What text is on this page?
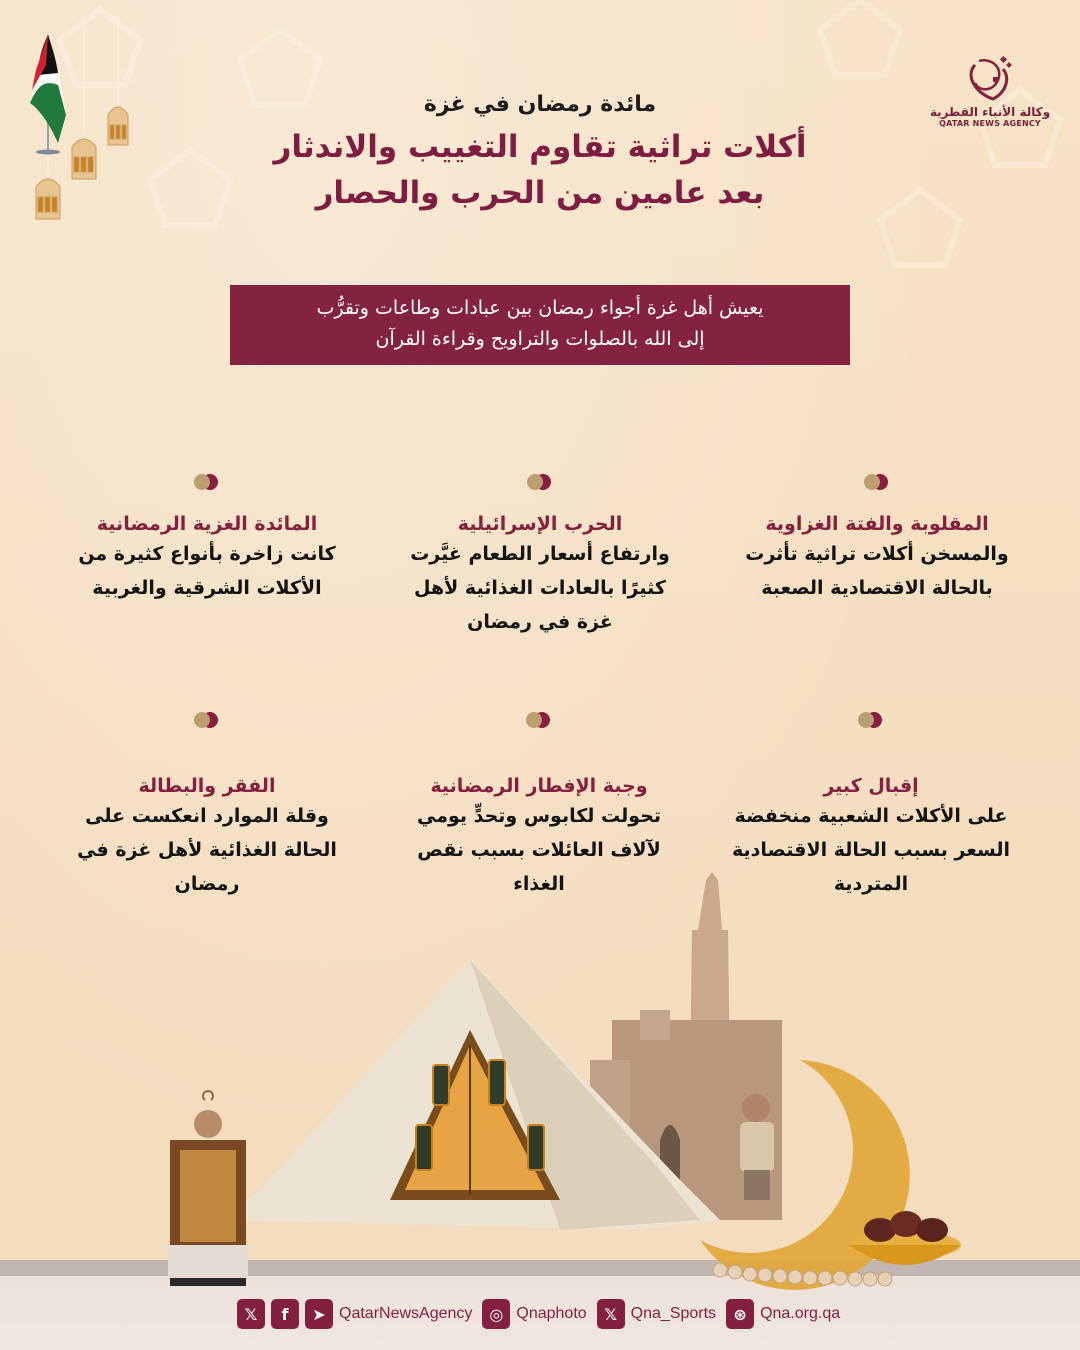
وكالة الأنباء القطرية
QATAR NEWS AGENCY
مائدة رمضان في غزة
أكلات تراثية تقاوم التغييب والاندثار
بعد عامين من الحرب والحصار
يعيش أهل غزة أجواء رمضان بين عبادات وطاعات وتقرُّب
إلى الله بالصلوات والتراويح وقراءة القرآن
المقلوبة والفتة الغزاوية
والمسخن أكلات تراثية تأثرت
بالحالة الاقتصادية الصعبة
الحرب الإسرائيلية
وارتفاع أسعار الطعام غيَّرت
كثيرًا بالعادات الغذائية لأهل
غزة في رمضان
المائدة الغزية الرمضانية
كانت زاخرة بأنواع كثيرة من
الأكلات الشرقية والغربية
إقبال كبير
على الأكلات الشعبية منخفضة
السعر بسبب الحالة الاقتصادية
المتردية
وجبة الإفطار الرمضانية
تحولت لكابوس وتحدٍّ يومي
لآلاف العائلات بسبب نقص
الغذاء
الفقر والبطالة
وقلة الموارد انعكست على
الحالة الغذائية لأهل غزة في
رمضان
𝕏	f	➤ QatarNewsAgency	◎ Qnaphoto	𝕏 Qna_Sports	⊛ Qna.org.qa
